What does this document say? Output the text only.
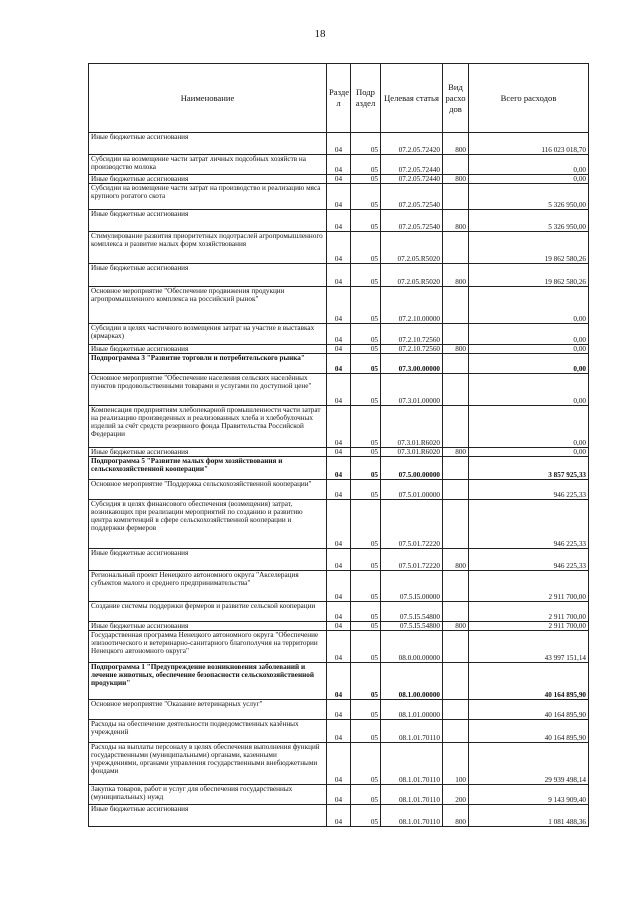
18
Наименование	Разде л	Подр аздел	Целевая статья	Вид расхо дов	Всего расходов
Иные бюджетные ассигнования	04	05	07.2.05.72420	800	116 023 018,70
Субсидии на возмещение части затрат личных подсобных хозяйств на производство молока	04	05	07.2.05.72440		0,00
Иные бюджетные ассигнования	04	05	07.2.05.72440	800	0,00
Субсидии на возмещение части затрат на производство и реализацию мяса крупного рогатого скота	04	05	07.2.05.72540		5 326 950,00
Иные бюджетные ассигнования	04	05	07.2.05.72540	800	5 326 950,00
Стимулирование развития приоритетных подотраслей агропромышленного комплекса и развитие малых форм хозяйствования	04	05	07.2.05.R5020		19 862 580,26
Иные бюджетные ассигнования	04	05	07.2.05.R5020	800	19 862 580,26
Основное мероприятие "Обеспечение продвижения продукции агропромышленного комплекса на российский рынок"	04	05	07.2.10.00000		0,00
Субсидии в целях частичного возмещения затрат на участие в выставках (ярмарках)	04	05	07.2.10.72560		0,00
Иные бюджетные ассигнования	04	05	07.2.10.72560	800	0,00
Подпрограмма 3 "Развитие торговли и потребительского рынка"	04	05	07.3.00.00000		0,00
Основное мероприятие "Обеспечение населения сельских населённых пунктов продовольственными товарами и услугами по доступной цене"	04	05	07.3.01.00000		0,00
Компенсация предприятиям хлебопекарной промышленности части затрат на реализацию произведенных и реализованных хлеба и хлебобулочных изделий за счёт средств резервного фонда Правительства Российской Федерации	04	05	07.3.01.R6020		0,00
Иные бюджетные ассигнования	04	05	07.3.01.R6020	800	0,00
Подпрограмма 5 "Развитие малых форм хозяйствования и сельскохозяйственной кооперации"	04	05	07.5.00.00000		3 857 925,33
Основное мероприятие "Поддержка сельскохозяйственной кооперации"	04	05	07.5.01.00000		946 225,33
Субсидия в целях финансового обеспечения (возмещения) затрат, возникающих при реализации мероприятий по созданию и развитию центра компетенций в сфере сельскохозяйственной кооперации и поддержки фермеров	04	05	07.5.01.72220		946 225,33
Иные бюджетные ассигнования	04	05	07.5.01.72220	800	946 225,33
Региональный проект Ненецкого автономного округа "Акселерация субъектов малого и среднего предпринимательства"	04	05	07.5.I5.00000		2 911 700,00
Создание системы поддержки фермеров и развитие сельской кооперации	04	05	07.5.I5.54800		2 911 700,00
Иные бюджетные ассигнования	04	05	07.5.I5.54800	800	2 911 700,00
Государственная программа Ненецкого автономного округа "Обеспечение эпизоотического и ветеринарно-санитарного благополучия на территории Ненецкого автономного округа"	04	05	08.0.00.00000		43 997 151,14
Подпрограмма 1 "Предупреждение возникновения заболеваний и лечение животных, обеспечение безопасности сельскохозяйственной продукции"	04	05	08.1.00.00000		40 164 895,90
Основное мероприятие "Оказание ветеринарных услуг"	04	05	08.1.01.00000		40 164 895,90
Расходы на обеспечение деятельности подведомственных казённых учреждений	04	05	08.1.01.70110		40 164 895,90
Расходы на выплаты персоналу в целях обеспечения выполнения функций государственными (муниципальными) органами, казенными учреждениями, органами управления государственными внебюджетными фондами	04	05	08.1.01.70110	100	29 939 498,14
Закупка товаров, работ и услуг для обеспечения государственных (муниципальных) нужд	04	05	08.1.01.70110	200	9 143 909,40
Иные бюджетные ассигнования	04	05	08.1.01.70110	800	1 081 488,36
